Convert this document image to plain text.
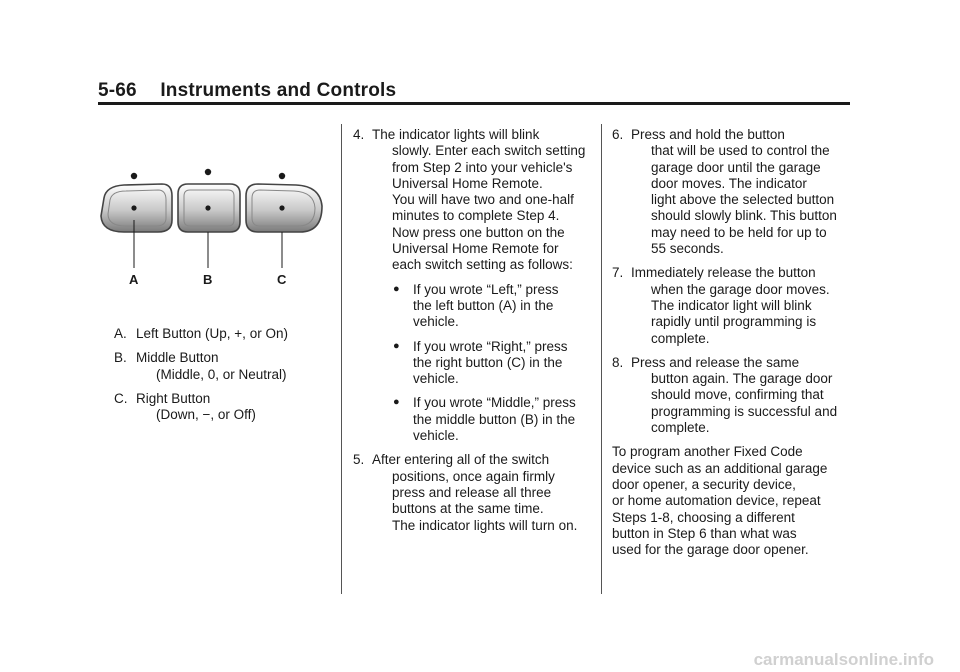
5-66 Instruments and Controls
A	B	C
A. Left Button (Up, +, or On)
B. Middle Button
(Middle, 0, or Neutral)
C. Right Button
(Down, −, or Off)
4. The indicator lights will blink
slowly. Enter each switch setting
from Step 2 into your vehicle's
Universal Home Remote.
You will have two and one-half
minutes to complete Step 4.
Now press one button on the
Universal Home Remote for
each switch setting as follows:
● If you wrote “Left,” press
the left button (A) in the
vehicle.
● If you wrote “Right,” press
the right button (C) in the
vehicle.
● If you wrote “Middle,” press
the middle button (B) in the
vehicle.
5. After entering all of the switch
positions, once again firmly
press and release all three
buttons at the same time.
The indicator lights will turn on.
6. Press and hold the button
that will be used to control the
garage door until the garage
door moves. The indicator
light above the selected button
should slowly blink. This button
may need to be held for up to
55 seconds.
7. Immediately release the button
when the garage door moves.
The indicator light will blink
rapidly until programming is
complete.
8. Press and release the same
button again. The garage door
should move, confirming that
programming is successful and
complete.
To program another Fixed Code
device such as an additional garage
door opener, a security device,
or home automation device, repeat
Steps 1-8, choosing a different
button in Step 6 than what was
used for the garage door opener.
carmanualsonline.info
